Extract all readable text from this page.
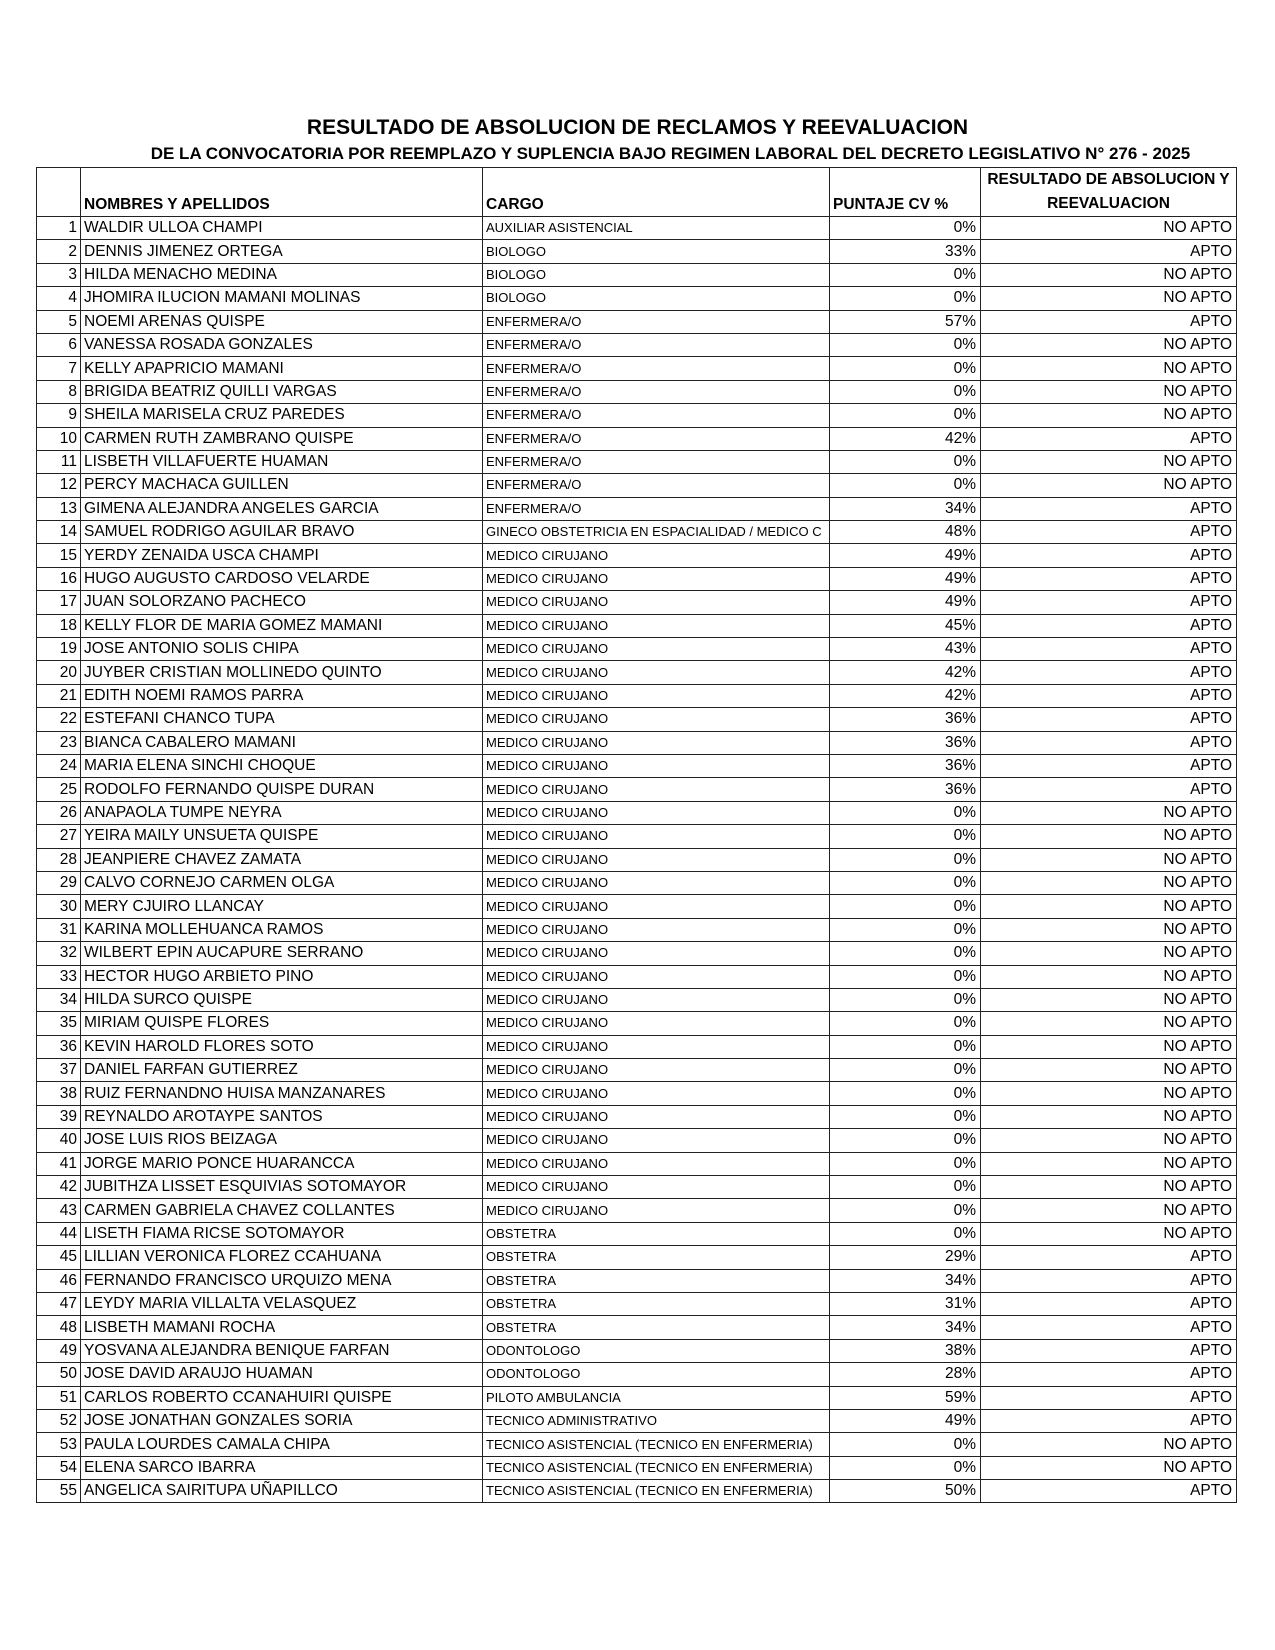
RESULTADO DE ABSOLUCION DE RECLAMOS Y REEVALUACION
DE LA CONVOCATORIA POR REEMPLAZO Y SUPLENCIA BAJO REGIMEN LABORAL DEL DECRETO LEGISLATIVO N° 276 - 2025
	NOMBRES Y APELLIDOS	CARGO	PUNTAJE CV %	RESULTADO DE ABSOLUCION Y REEVALUACION
1	WALDIR ULLOA CHAMPI	AUXILIAR ASISTENCIAL	0%	NO APTO
2	DENNIS JIMENEZ ORTEGA	BIOLOGO	33%	APTO
3	HILDA MENACHO MEDINA	BIOLOGO	0%	NO APTO
4	JHOMIRA ILUCION MAMANI MOLINAS	BIOLOGO	0%	NO APTO
5	NOEMI ARENAS QUISPE	ENFERMERA/O	57%	APTO
6	VANESSA ROSADA GONZALES	ENFERMERA/O	0%	NO APTO
7	KELLY APAPRICIO MAMANI	ENFERMERA/O	0%	NO APTO
8	BRIGIDA BEATRIZ QUILLI VARGAS	ENFERMERA/O	0%	NO APTO
9	SHEILA MARISELA CRUZ PAREDES	ENFERMERA/O	0%	NO APTO
10	CARMEN RUTH ZAMBRANO QUISPE	ENFERMERA/O	42%	APTO
11	LISBETH VILLAFUERTE HUAMAN	ENFERMERA/O	0%	NO APTO
12	PERCY MACHACA GUILLEN	ENFERMERA/O	0%	NO APTO
13	GIMENA ALEJANDRA ANGELES GARCIA	ENFERMERA/O	34%	APTO
14	SAMUEL RODRIGO AGUILAR BRAVO	GINECO OBSTETRICIA EN ESPACIALIDAD / MEDICO C	48%	APTO
15	YERDY ZENAIDA USCA CHAMPI	MEDICO CIRUJANO	49%	APTO
16	HUGO AUGUSTO CARDOSO VELARDE	MEDICO CIRUJANO	49%	APTO
17	JUAN SOLORZANO PACHECO	MEDICO CIRUJANO	49%	APTO
18	KELLY FLOR DE MARIA GOMEZ MAMANI	MEDICO CIRUJANO	45%	APTO
19	JOSE ANTONIO SOLIS CHIPA	MEDICO CIRUJANO	43%	APTO
20	JUYBER CRISTIAN MOLLINEDO QUINTO	MEDICO CIRUJANO	42%	APTO
21	EDITH NOEMI RAMOS PARRA	MEDICO CIRUJANO	42%	APTO
22	ESTEFANI CHANCO TUPA	MEDICO CIRUJANO	36%	APTO
23	BIANCA CABALERO MAMANI	MEDICO CIRUJANO	36%	APTO
24	MARIA ELENA SINCHI CHOQUE	MEDICO CIRUJANO	36%	APTO
25	RODOLFO FERNANDO QUISPE DURAN	MEDICO CIRUJANO	36%	APTO
26	ANAPAOLA TUMPE NEYRA	MEDICO CIRUJANO	0%	NO APTO
27	YEIRA MAILY UNSUETA QUISPE	MEDICO CIRUJANO	0%	NO APTO
28	JEANPIERE CHAVEZ ZAMATA	MEDICO CIRUJANO	0%	NO APTO
29	CALVO CORNEJO CARMEN OLGA	MEDICO CIRUJANO	0%	NO APTO
30	MERY CJUIRO LLANCAY	MEDICO CIRUJANO	0%	NO APTO
31	KARINA MOLLEHUANCA RAMOS	MEDICO CIRUJANO	0%	NO APTO
32	WILBERT EPIN AUCAPURE SERRANO	MEDICO CIRUJANO	0%	NO APTO
33	HECTOR HUGO ARBIETO PINO	MEDICO CIRUJANO	0%	NO APTO
34	HILDA SURCO QUISPE	MEDICO CIRUJANO	0%	NO APTO
35	MIRIAM QUISPE FLORES	MEDICO CIRUJANO	0%	NO APTO
36	KEVIN HAROLD FLORES SOTO	MEDICO CIRUJANO	0%	NO APTO
37	DANIEL FARFAN GUTIERREZ	MEDICO CIRUJANO	0%	NO APTO
38	RUIZ FERNANDNO HUISA MANZANARES	MEDICO CIRUJANO	0%	NO APTO
39	REYNALDO AROTAYPE SANTOS	MEDICO CIRUJANO	0%	NO APTO
40	JOSE LUIS RIOS BEIZAGA	MEDICO CIRUJANO	0%	NO APTO
41	JORGE MARIO PONCE HUARANCCA	MEDICO CIRUJANO	0%	NO APTO
42	JUBITHZA LISSET ESQUIVIAS SOTOMAYOR	MEDICO CIRUJANO	0%	NO APTO
43	CARMEN GABRIELA CHAVEZ COLLANTES	MEDICO CIRUJANO	0%	NO APTO
44	LISETH FIAMA RICSE SOTOMAYOR	OBSTETRA	0%	NO APTO
45	LILLIAN VERONICA FLOREZ CCAHUANA	OBSTETRA	29%	APTO
46	FERNANDO FRANCISCO URQUIZO MENA	OBSTETRA	34%	APTO
47	LEYDY MARIA VILLALTA VELASQUEZ	OBSTETRA	31%	APTO
48	LISBETH MAMANI ROCHA	OBSTETRA	34%	APTO
49	YOSVANA ALEJANDRA BENIQUE FARFAN	ODONTOLOGO	38%	APTO
50	JOSE DAVID ARAUJO HUAMAN	ODONTOLOGO	28%	APTO
51	CARLOS ROBERTO CCANAHUIRI QUISPE	PILOTO AMBULANCIA	59%	APTO
52	JOSE JONATHAN GONZALES SORIA	TECNICO ADMINISTRATIVO	49%	APTO
53	PAULA LOURDES CAMALA CHIPA	TECNICO ASISTENCIAL (TECNICO EN ENFERMERIA)	0%	NO APTO
54	ELENA SARCO IBARRA	TECNICO ASISTENCIAL (TECNICO EN ENFERMERIA)	0%	NO APTO
55	ANGELICA SAIRITUPA UÑAPILLCO	TECNICO ASISTENCIAL (TECNICO EN ENFERMERIA)	50%	APTO
